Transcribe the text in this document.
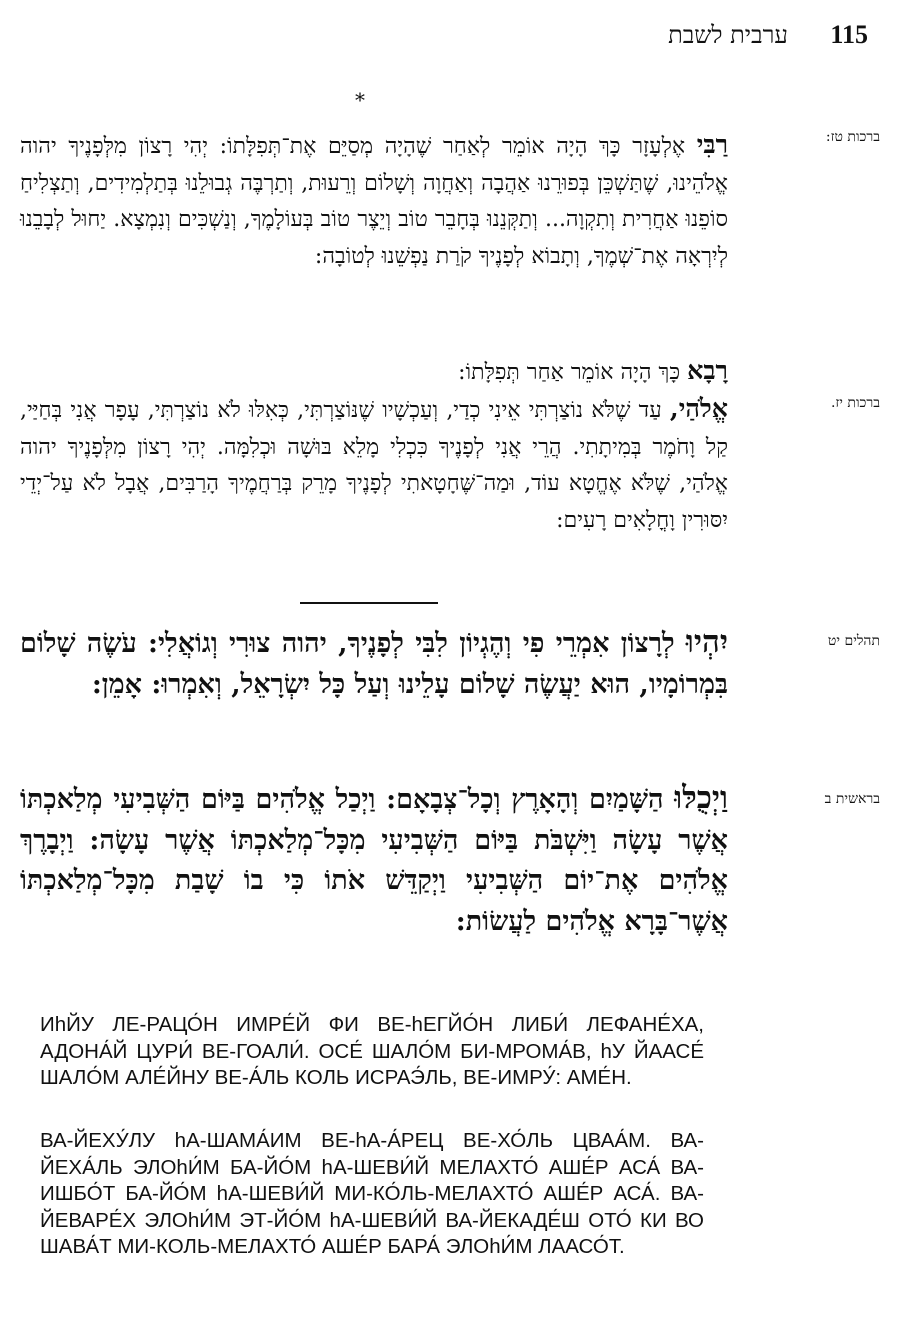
115
ערבית לשבת
*
ברכות טז:

רַבִּי אֶלְעָזָר כָּךְ הָיָה אוֹמֵר לְאַחַר שֶׁהָיָה מְסַיֵּם אֶת־תְּפִלָּתוֹ: יְהִי רָצוֹן מִלְּפָנֶיךָ יהוה אֱלֹהֵינוּ, שֶׁתַּשְׁכֵּן בְּפוּרֵנוּ אַהֲבָה וְאַחֲוָה וְשָׁלוֹם וְרֵעוּת, וְתַרְבֶּה גְבוּלֵנוּ בְּתַלְמִידִים, וְתַצְלִיחַ סוֹפֵנוּ אַחֲרִית וְתִקְוָה... וְתַקְּנֵנוּ בְּחָבֵר טוֹב וְיֵצֶר טוֹב בְּעוֹלָמֶךָ, וְנַשְׁכִּים וְנִמְצָא. יַחוּל לְבָבֵנוּ לְיִרְאָה אֶת־שְׁמֶךָ, וְתָבוֹא לְפָנֶיךָ קֹרַת נַפְשֵׁנוּ לְטוֹבָה:

רָבָא כָּךְ הָיָה אוֹמֵר אַחַר תְּפִלָּתוֹ:

ברכות יז.

אֱלֹהַי, עַד שֶׁלֹּא נוֹצַרְתִּי אֵינִי כְדַי, וְעַכְשָׁיו שֶׁנּוֹצַרְתִּי, כְּאִלּוּ לֹא נוֹצַרְתִּי, עָפָר אֲנִי בְּחַיַּי, קַל וָחֹמֶר בְּמִיתָתִי. הֲרֵי אֲנִי לְפָנֶיךָ כִּכְלִי מָלֵא בּוּשָׁה וּכְלִמָּה. יְהִי רָצוֹן מִלְּפָנֶיךָ יהוה אֱלֹהַי, שֶׁלֹּא אֶחֱטָא עוֹד, וּמַה־שֶּׁחָטָאתִי לְפָנֶיךָ מָרֵק בְּרַחֲמֶיךָ הָרַבִּים, אֲבָל לֹא עַל־יְדֵי יִסּוּרִין וָחֳלָאִים רָעִים:

תהלים יט

יִהְיוּ לְרָצוֹן אִמְרֵי פִי וְהֶגְיוֹן לִבִּי לְפָנֶיךָ, יהוה צוּרִי וְגוֹאֲלִי: עֹשֶׂה שָׁלוֹם בִּמְרוֹמָיו, הוּא יַעֲשֶׂה שָׁלוֹם עָלֵינוּ וְעַל כָּל יִשְׂרָאֵל, וְאִמְרוּ: אָמֵן:

בראשית ב

וַיְכֻלּוּ הַשָּׁמַיִם וְהָאָרֶץ וְכָל־צְבָאָם: וַיְכַל אֱלֹהִים בַּיּוֹם הַשְּׁבִיעִי מְלַאכְתּוֹ אֲשֶׁר עָשָׂה וַיִּשְׁבֹּת בַּיּוֹם הַשְּׁבִיעִי מִכָּל־מְלַאכְתּוֹ אֲשֶׁר עָשָׂה: וַיְבָרֶךְ אֱלֹהִים אֶת־יוֹם הַשְּׁבִיעִי וַיְקַדֵּשׁ אֹתוֹ כִּי בוֹ שָׁבַת מִכָּל־מְלַאכְתּוֹ אֲשֶׁר־בָּרָא אֱלֹהִים לַעֲשׂוֹת:

ИhЙУ ЛЕ-РАЦО́Н ИМРЕ́Й ФИ ВЕ-hЕГЙО́Н ЛИБИ́ ЛЕФАНЕ́ХА, АДОНА́Й ЦУРИ́ ВЕ-ГОАЛИ́. ОСЕ́ ШАЛО́М БИ-МРОМА́В, hУ ЙААСЕ́ ШАЛО́М АЛЕ́ЙНУ ВЕ-А́ЛЬ КОЛЬ ИСРАЭ́ЛЬ, ВЕ-ИМРУ́: АМЕ́Н.

ВА-ЙЕХУ́ЛУ hА-ШАМА́ИМ ВЕ-hА-А́РЕЦ ВЕ-ХО́ЛЬ ЦВАА́М. ВА-ЙЕХА́ЛЬ ЭЛОhИ́М БА-ЙО́М hА-ШЕВИ́Й МЕЛАХТО́ АШЕ́Р АСА́ ВА-ИШБО́Т БА-ЙО́М hА-ШЕВИ́Й МИ-КО́ЛЬ-МЕЛАХТО́ АШЕ́Р АСА́. ВА-ЙЕВАРЕ́Х ЭЛОhИ́М ЭТ-ЙО́М hА-ШЕВИ́Й ВА-ЙЕКАДЕ́Ш ОТО́ КИ ВО ШАВА́Т МИ-КОЛЬ-МЕЛАХТО́ АШЕ́Р БАРА́ ЭЛОhИ́М ЛААСО́Т.
